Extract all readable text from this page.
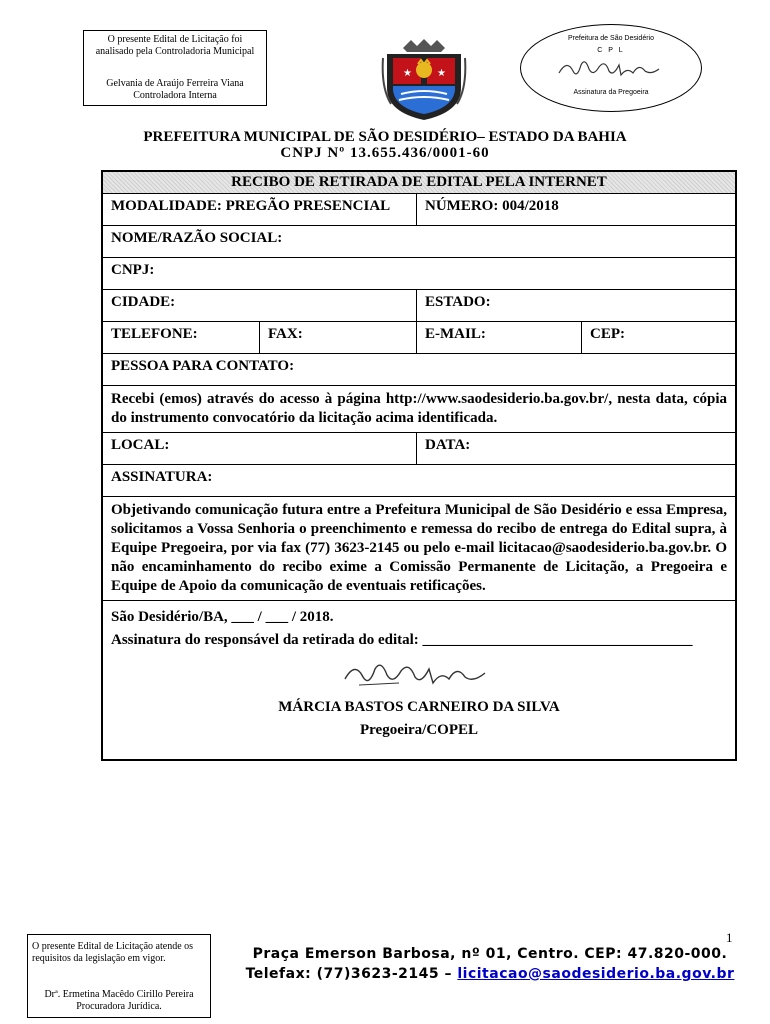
O presente Edital de Licitação foi
analisado pela Controladoria Municipal
Gelvania de Araújo Ferreira Viana
Controladora Interna
★	★
Prefeitura de São Desidério
C P L
Assinatura da Pregoeira
PREFEITURA MUNICIPAL DE SÃO DESIDÉRIO– ESTADO DA BAHIA
CNPJ Nº 13.655.436/0001-60
RECIBO DE RETIRADA DE EDITAL PELA INTERNET			
MODALIDADE: PREGÃO PRESENCIAL		NÚMERO: 004/2018	
NOME/RAZÃO SOCIAL:			
CNPJ:			
CIDADE:		ESTADO:	
TELEFONE:	FAX:	E-MAIL:	CEP:
PESSOA PARA CONTATO:			
Recebi (emos) através do acesso à página http://www.saodesiderio.ba.gov.br/, nesta data, cópia do instrumento convocatório da licitação acima identificada.			
LOCAL:		DATA:	
ASSINATURA:			
Objetivando comunicação futura entre a Prefeitura Municipal de São Desidério e essa Empresa, solicitamos a Vossa Senhoria o preenchimento e remessa do recibo de entrega do Edital supra, à Equipe Pregoeira, por via fax (77) 3623-2145 ou pelo e-mail licitacao@saodesiderio.ba.gov.br. O não encaminhamento do recibo exime a Comissão Permanente de Licitação, a Pregoeira e Equipe de Apoio da comunicação de eventuais retificações.			

São Desidério/BA, ___ / ___ / 2018.
Assinatura do responsável da retirada do edital: ____________________________________
MÁRCIA BASTOS CARNEIRO DA SILVA
Pregoeira/COPEL			
O presente Edital de Licitação atende os requisitos da legislação em vigor.
Drª. Ermetina Macêdo Cirillo Pereira
Procuradora Jurídica.
1
Praça Emerson Barbosa, nº 01, Centro. CEP: 47.820-000.
Telefax: (77)3623-2145 – licitacao@saodesiderio.ba.gov.br
